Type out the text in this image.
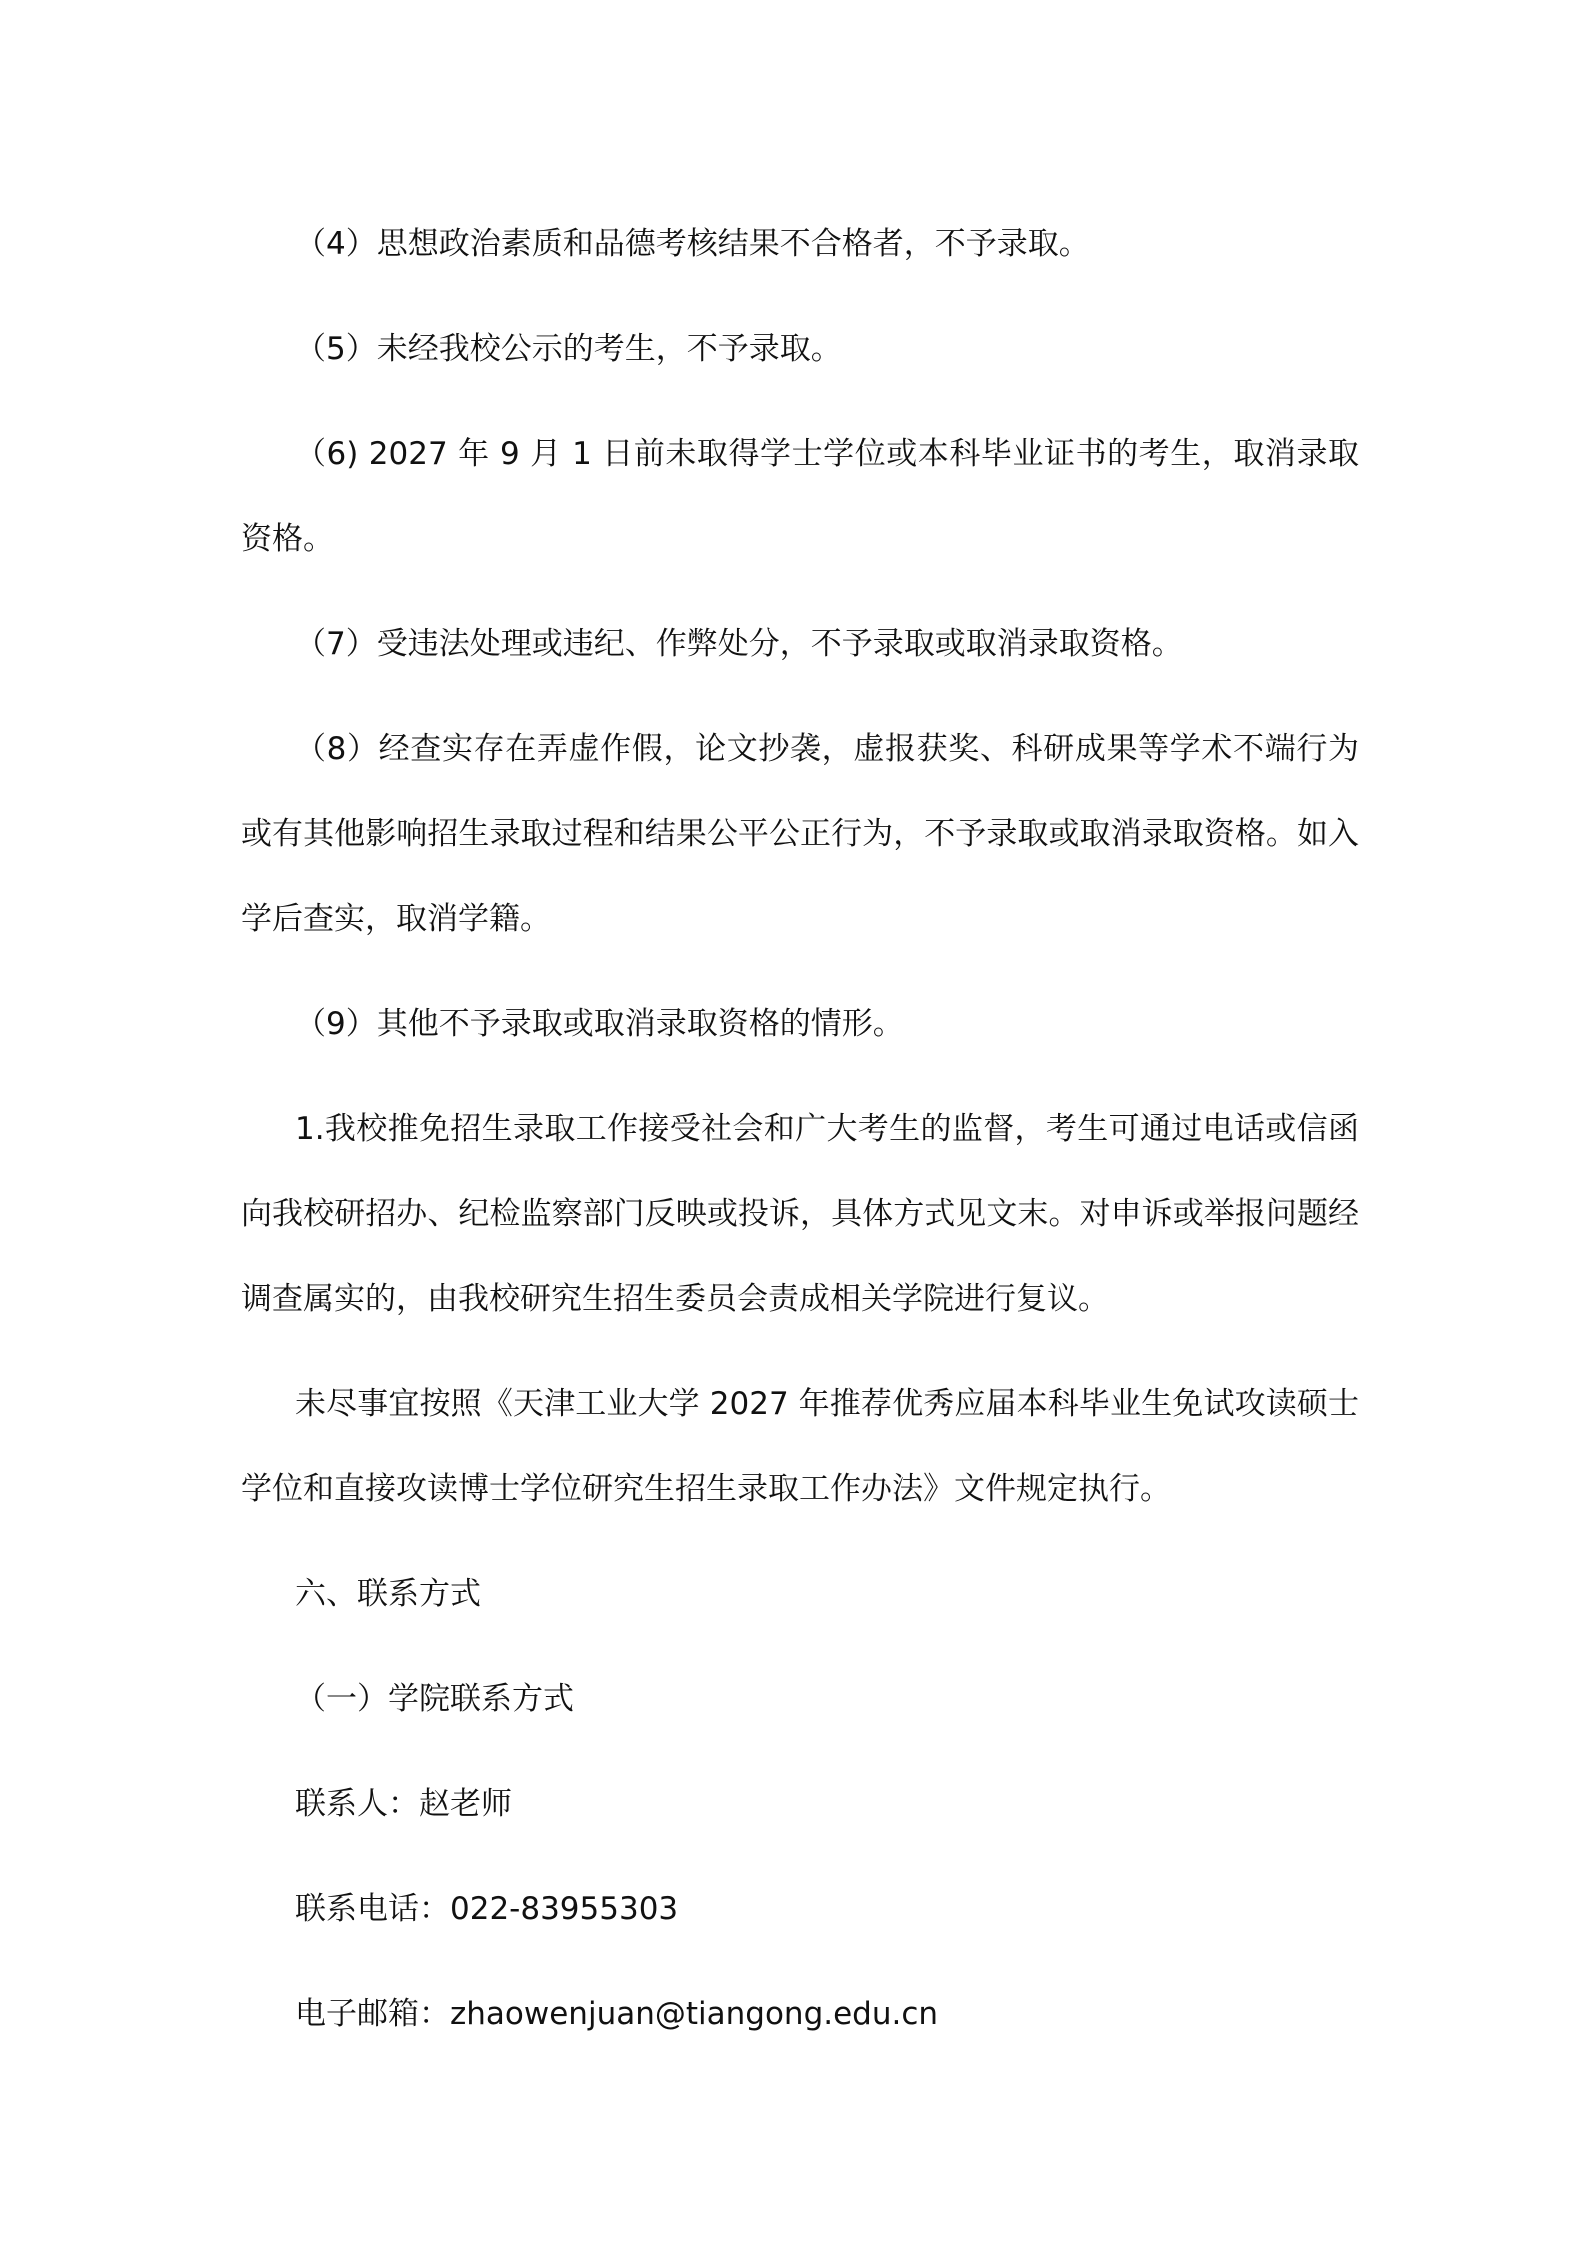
（4）思想政治素质和品德考核结果不合格者，不予录取。

（5）未经我校公示的考生，不予录取。

（6) 2027 年 9 月 1 日前未取得学士学位或本科毕业证书的考生，取消录取资格。

（7）受违法处理或违纪、作弊处分，不予录取或取消录取资格。

（8）经查实存在弄虚作假，论文抄袭，虚报获奖、科研成果等学术不端行为或有其他影响招生录取过程和结果公平公正行为，不予录取或取消录取资格。如入学后查实，取消学籍。

（9）其他不予录取或取消录取资格的情形。

1.我校推免招生录取工作接受社会和广大考生的监督，考生可通过电话或信函向我校研招办、纪检监察部门反映或投诉，具体方式见文末。对申诉或举报问题经调查属实的，由我校研究生招生委员会责成相关学院进行复议。

未尽事宜按照《天津工业大学 2027 年推荐优秀应届本科毕业生免试攻读硕士学位和直接攻读博士学位研究生招生录取工作办法》文件规定执行。

六、联系方式

（一）学院联系方式

联系人：赵老师

联系电话：022-83955303

电子邮箱：zhaowenjuan@tiangong.edu.cn
